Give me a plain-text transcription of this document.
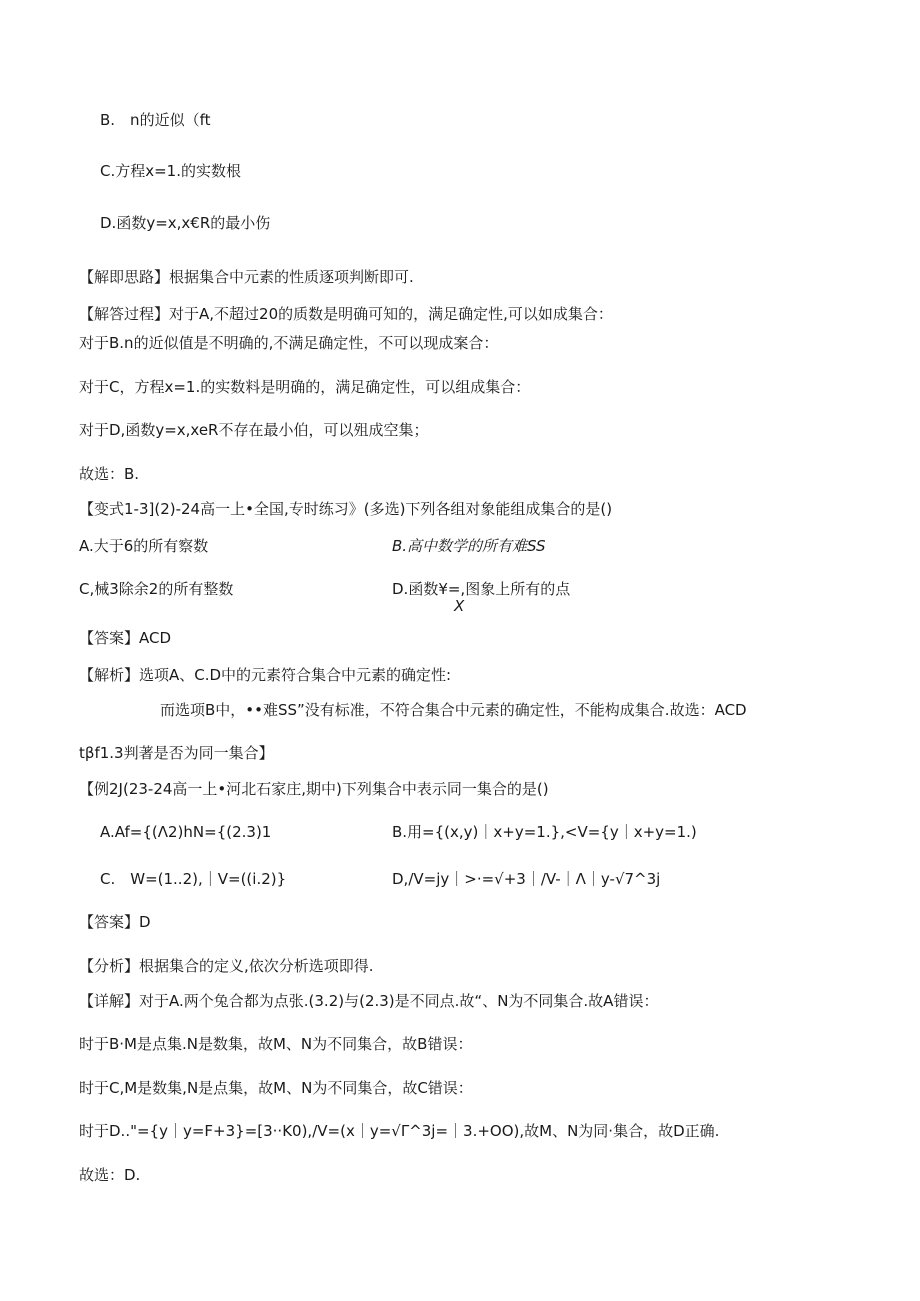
B.　n的近似（ft
C.方程x=1.的实数根
D.函数y=x,x€R的最小伤
【解即思路】根据集合中元素的性质逐项判断即可.
【解答过程】对于A,不超过20的质数是明确可知的，满足确定性,可以如成集合：
对于B.n的近似值是不明确的,不满足确定性，不可以现成案合：
对于C，方程x=1.的实数料是明确的，满足确定性，可以组成集合：
对于D,函数y=x,xeR不存在最小伯，可以殂成空集；
故选：B.
【变式1-3](2)-24高一上•全国,专时练习》(多选)下列各组对象能组成集合的是()
A.大于6的所有察数	B.高中数学的所有难SS
C,械3除余2的所有整数	D.函数¥=,图象上所有的点
X
【答案】ACD
【解析】选项A、C.D中的元素符合集合中元素的确定性:
而选项B中，••难SS”没有标准，不符合集合中元素的确定性，不能构成集合.故选：ACD
tβf1.3判著是否为同一集合】
【例2J(23-24高一上•河北石家庄,期中)下列集合中表示同一集合的是()
A.Af={(Λ2)hN={(2.3)1	B.用={(x,y)｜x+y=1.},<V={y｜x+y=1.)
C.　W=(1..2),｜V=((i.2)}	D,/V=jy｜>·=√+3｜/V-｜Λ｜y-√7^3j
【答案】D
【分析】根据集合的定义,依次分析选项即得.
【详解】对于A.两个兔合都为点张.(3.2)与(2.3)是不同点.故“、N为不同集合.故A错误：
时于B·M是点集.N是数集，故M、N为不同集合，故B错误：
时于C,M是数集,N是点集，故M、N为不同集合，故C错误：
时于D.."={y｜y=F+3}=[3··K0),/V=(x｜y=√Γ^3j=｜3.+OO),故M、N为同·集合，故D正确.
故选：D.
